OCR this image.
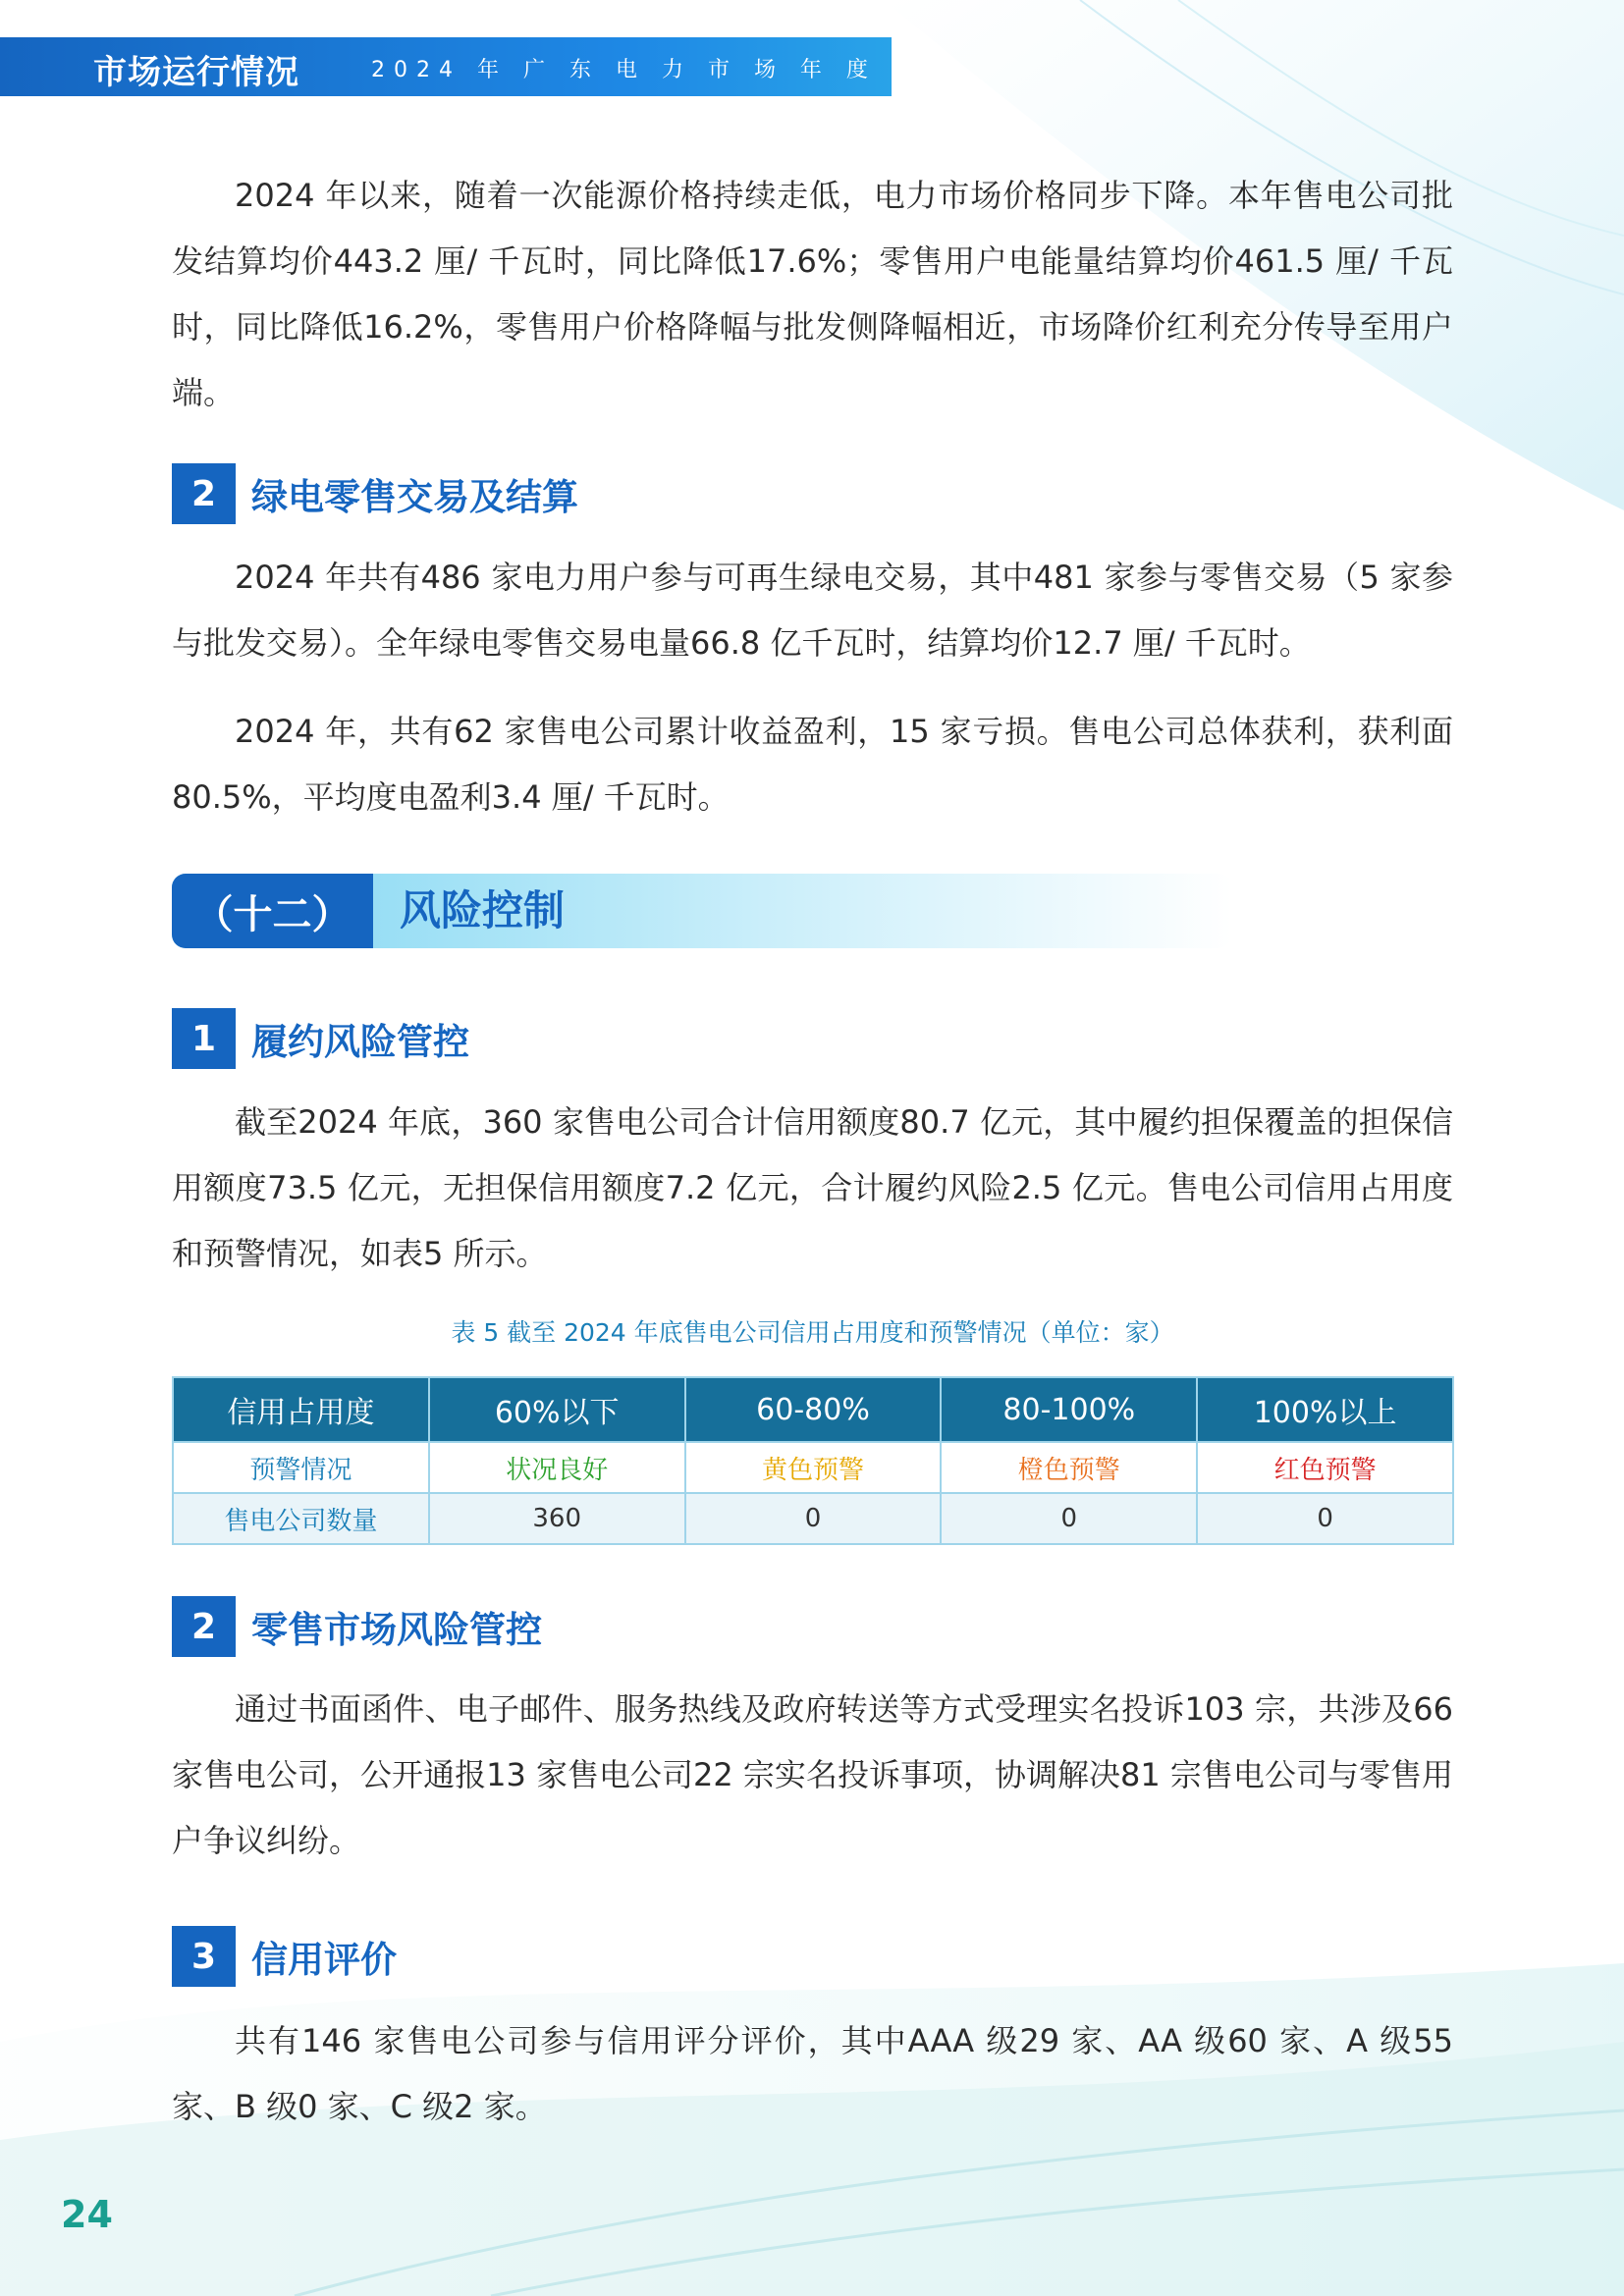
市场运行情况	2024 年 广 东 电 力 市 场 年 度 报 告

2024 年以来，随着一次能源价格持续走低，电力市场价格同步下降。本年售电公司批发结算均价443.2 厘/ 千瓦时，同比降低17.6%；零售用户电能量结算均价461.5 厘/ 千瓦时，同比降低16.2%，零售用户价格降幅与批发侧降幅相近，市场降价红利充分传导至用户端。

2 绿电零售交易及结算

2024 年共有486 家电力用户参与可再生绿电交易，其中481 家参与零售交易（5 家参与批发交易）。全年绿电零售交易电量66.8 亿千瓦时，结算均价12.7 厘/ 千瓦时。

2024 年，共有62 家售电公司累计收益盈利，15 家亏损。售电公司总体获利，获利面80.5%，平均度电盈利3.4 厘/ 千瓦时。

（十二）	风险控制
1 履约风险管控

截至2024 年底，360 家售电公司合计信用额度80.7 亿元，其中履约担保覆盖的担保信用额度73.5 亿元，无担保信用额度7.2 亿元，合计履约风险2.5 亿元。售电公司信用占用度和预警情况，如表5 所示。

表 5 截至 2024 年底售电公司信用占用度和预警情况（单位：家）
信用占用度	60%以下	60-80%	80-100%	100%以上
预警情况	状况良好	黄色预警	橙色预警	红色预警
售电公司数量	360	0	0	0
2 零售市场风险管控

通过书面函件、电子邮件、服务热线及政府转送等方式受理实名投诉103 宗，共涉及66 家售电公司，公开通报13 家售电公司22 宗实名投诉事项，协调解决81 宗售电公司与零售用户争议纠纷。

3 信用评价

共有146 家售电公司参与信用评分评价，其中AAA 级29 家、AA 级60 家、A 级55 家、B 级0 家、C 级2 家。

24
